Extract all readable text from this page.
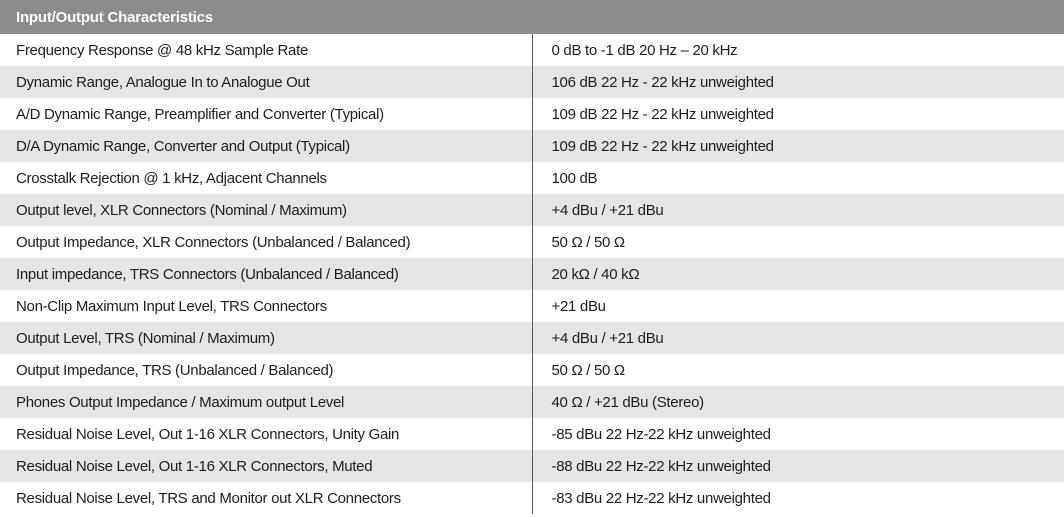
Input/Output Characteristics	
Frequency Response @ 48 kHz Sample Rate	0 dB to -1 dB 20 Hz – 20 kHz
Dynamic Range, Analogue In to Analogue Out	106 dB 22 Hz - 22 kHz unweighted
A/D Dynamic Range, Preamplifier and Converter (Typical)	109 dB 22 Hz - 22 kHz unweighted
D/A Dynamic Range, Converter and Output (Typical)	109 dB 22 Hz - 22 kHz unweighted
Crosstalk Rejection @ 1 kHz, Adjacent Channels	100 dB
Output level, XLR Connectors (Nominal / Maximum)	+4 dBu / +21 dBu
Output Impedance, XLR Connectors (Unbalanced / Balanced)	50 Ω / 50 Ω
Input impedance, TRS Connectors (Unbalanced / Balanced)	20 kΩ / 40 kΩ
Non-Clip Maximum Input Level, TRS Connectors	+21 dBu
Output Level, TRS (Nominal / Maximum)	+4 dBu / +21 dBu
Output Impedance, TRS (Unbalanced / Balanced)	50 Ω / 50 Ω
Phones Output Impedance / Maximum output Level	40 Ω / +21 dBu (Stereo)
Residual Noise Level, Out 1-16 XLR Connectors, Unity Gain	-85 dBu 22 Hz-22 kHz unweighted
Residual Noise Level, Out 1-16 XLR Connectors, Muted	-88 dBu 22 Hz-22 kHz unweighted
Residual Noise Level, TRS and Monitor out XLR Connectors	-83 dBu 22 Hz-22 kHz unweighted
